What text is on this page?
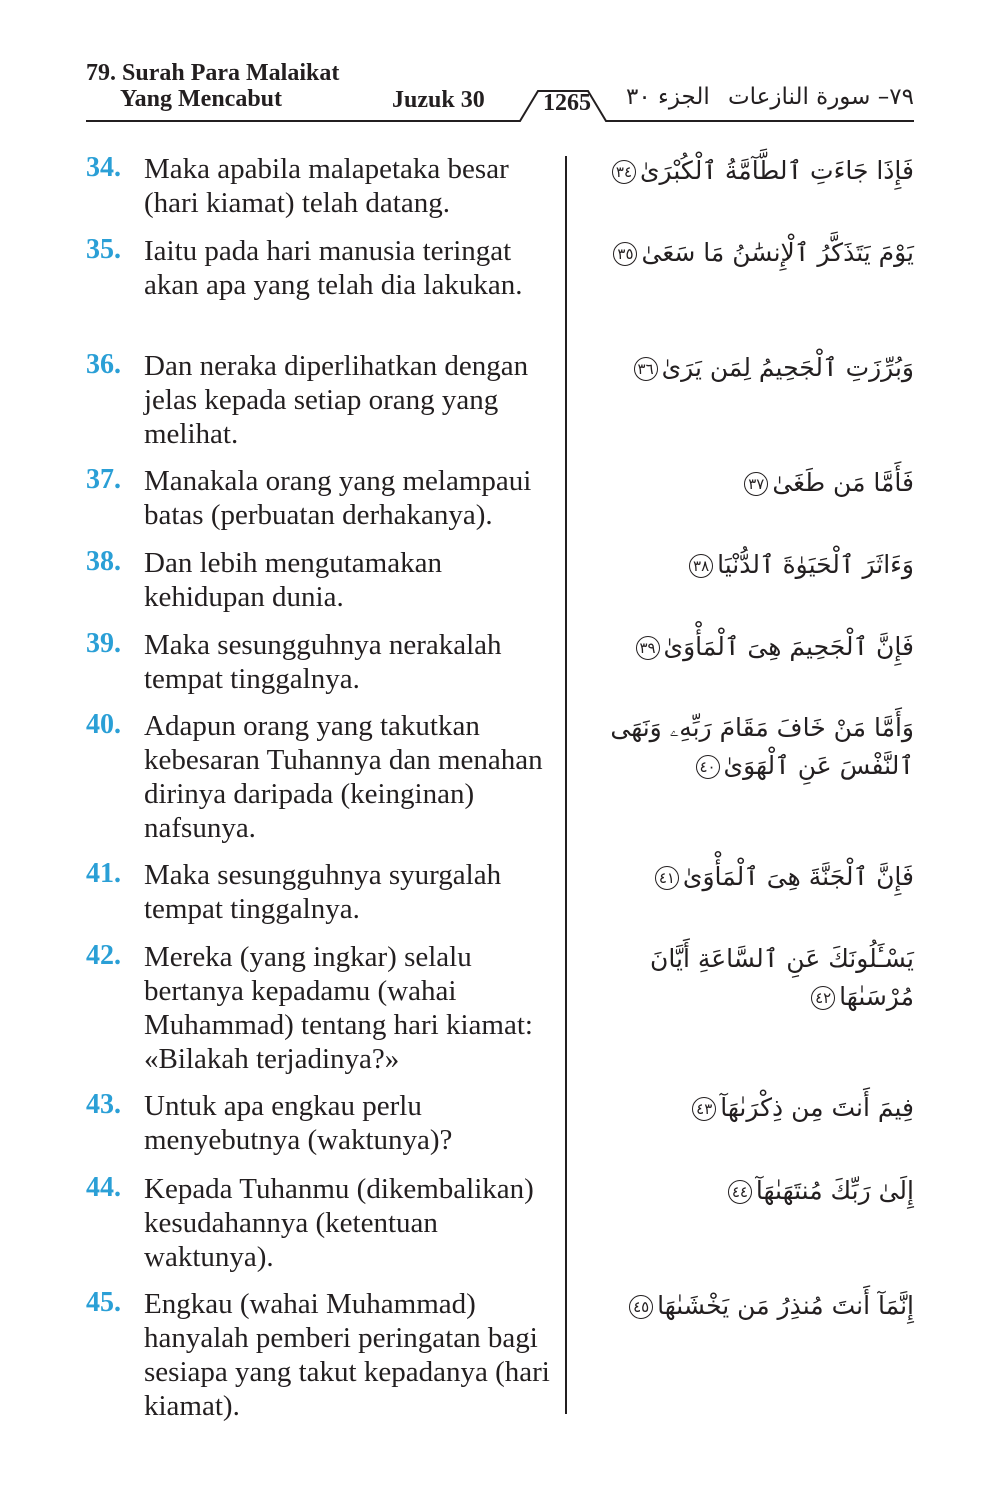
79. Surah Para Malaikat
Yang Mencabut	Juzuk 30	1265	الجزء ٣٠ ٧٩– سورة النازعات
34. Maka apabila malapetaka besar (hari kiamat) telah datang.
فَإِذَا جَاءَتِ ٱلطَّآمَّةُ ٱلْكُبْرَىٰ٣٤
35. Iaitu pada hari manusia teringat akan apa yang telah dia lakukan.
يَوْمَ يَتَذَكَّرُ ٱلْإِنسَٰنُ مَا سَعَىٰ٣٥
36. Dan neraka diperlihatkan dengan jelas kepada setiap orang yang melihat.
وَبُرِّزَتِ ٱلْجَحِيمُ لِمَن يَرَىٰ٣٦
37. Manakala orang yang melampaui batas (perbuatan derhakanya).
فَأَمَّا مَن طَغَىٰ٣٧
38. Dan lebih mengutamakan kehidupan dunia.
وَءَاثَرَ ٱلْحَيَوٰةَ ٱلدُّنْيَا٣٨
39. Maka sesungguhnya nerakalah tempat tinggalnya.
فَإِنَّ ٱلْجَحِيمَ هِىَ ٱلْمَأْوَىٰ٣٩
40. Adapun orang yang takutkan kebesaran Tuhannya dan menahan dirinya daripada (keinginan) nafsunya.
وَأَمَّا مَنْ خَافَ مَقَامَ رَبِّهِۦ وَنَهَى ٱلنَّفْسَ عَنِ ٱلْهَوَىٰ٤٠
41. Maka sesungguhnya syurgalah tempat tinggalnya.
فَإِنَّ ٱلْجَنَّةَ هِىَ ٱلْمَأْوَىٰ٤١
42. Mereka (yang ingkar) selalu bertanya kepadamu (wahai Muhammad) tentang hari kiamat: «Bilakah terjadinya?»
يَسْـَٔلُونَكَ عَنِ ٱلسَّاعَةِ أَيَّانَ مُرْسَىٰهَا٤٢
43. Untuk apa engkau perlu menyebutnya (waktunya)?
فِيمَ أَنتَ مِن ذِكْرَىٰهَآ٤٣
44. Kepada Tuhanmu (dikembalikan) kesudahannya (ketentuan waktunya).
إِلَىٰ رَبِّكَ مُنتَهَىٰهَآ٤٤
45. Engkau (wahai Muhammad) hanyalah pemberi peringatan bagi sesiapa yang takut kepadanya (hari kiamat).
إِنَّمَآ أَنتَ مُنذِرُ مَن يَخْشَىٰهَا٤٥
